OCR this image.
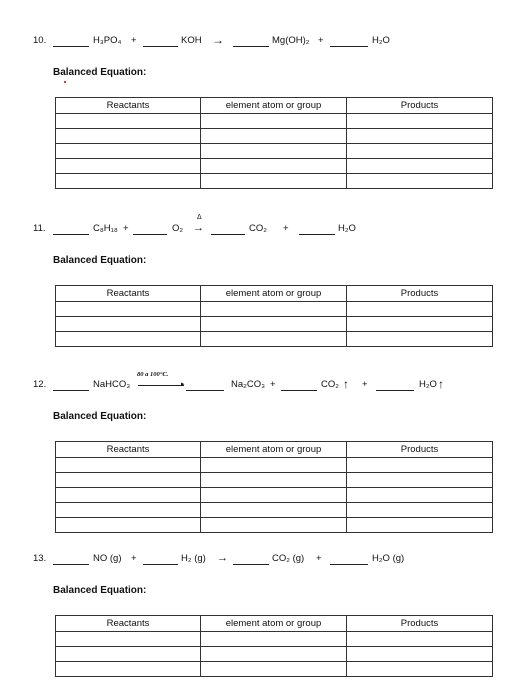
10.	H₃PO₄ +	KOH →	Mg(OH)₂ +	H₂O
Balanced Equation:
Reactants	element atom or group	Products

11.	C₈H₁₈ +	O₂
Δ
→	CO₂ +	H₂O
Balanced Equation:
Reactants	element atom or group	Products

12.	NaHCO₃
80 a 100°C.
▸	Na₂CO₃ +	CO₂ ↑ +	H₂O ↑
Balanced Equation:
Reactants	element atom or group	Products

13.	NO (g) +	H₂ (g) →	CO₂ (g) +	H₂O (g)
Balanced Equation:
Reactants	element atom or group	Products
